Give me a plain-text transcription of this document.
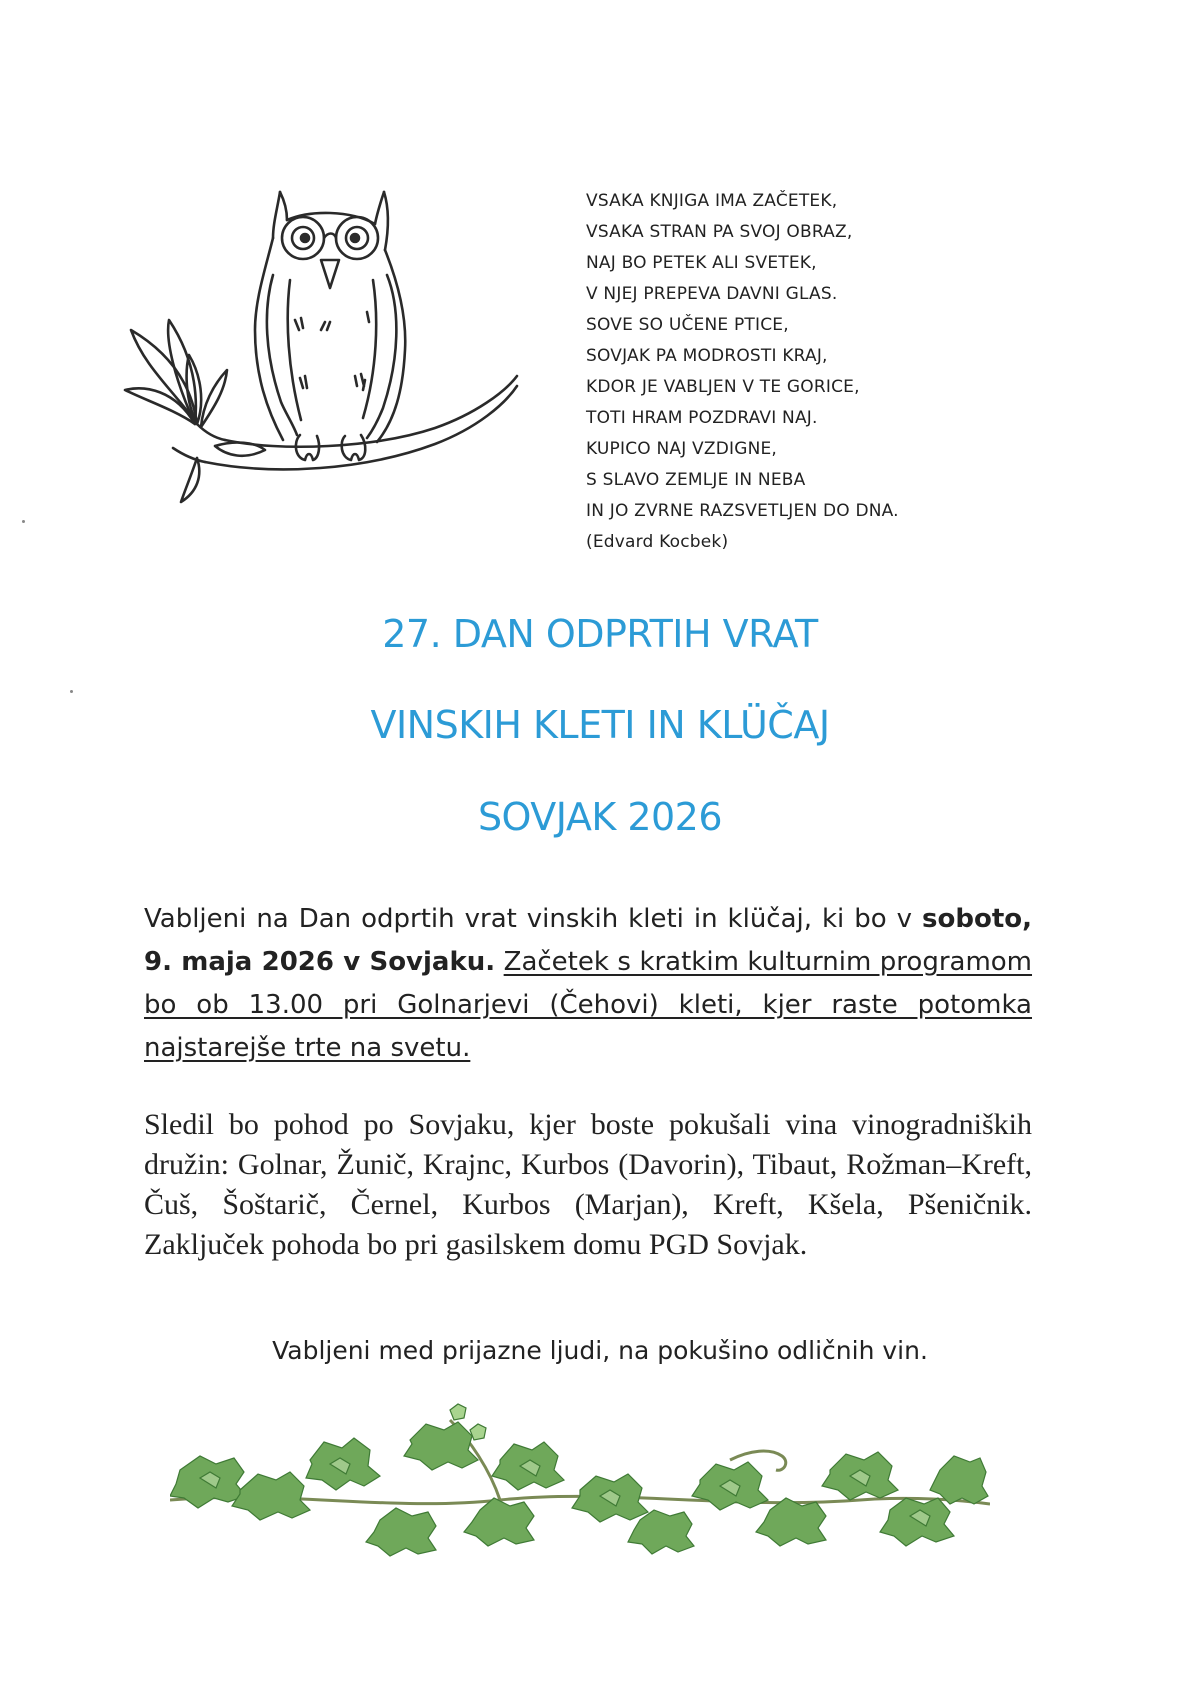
VSAKA KNJIGA IMA ZAČETEK,
VSAKA STRAN PA SVOJ OBRAZ,
NAJ BO PETEK ALI SVETEK,
V NJEJ PREPEVA DAVNI GLAS.
SOVE SO UČENE PTICE,
SOVJAK PA MODROSTI KRAJ,
KDOR JE VABLJEN V TE GORICE,
TOTI HRAM POZDRAVI NAJ.
KUPICO NAJ VZDIGNE,
S SLAVO ZEMLJE IN NEBA
IN JO ZVRNE RAZSVETLJEN DO DNA.
(Edvard Kocbek)
27. DAN ODPRTIH VRAT
VINSKIH KLETI IN KLÜČAJ
SOVJAK 2026
Vabljeni na Dan odprtih vrat vinskih kleti in klüčaj, ki bo v soboto, 9. maja 2026 v Sovjaku. Začetek s kratkim kulturnim programom bo ob 13.00 pri Golnarjevi (Čehovi) kleti, kjer raste potomka najstarejše trte na svetu.
Sledil bo pohod po Sovjaku, kjer boste pokušali vina vinogradniških družin: Golnar, Žunič, Krajnc, Kurbos (Davorin), Tibaut, Rožman–Kreft, Čuš, Šoštarič, Černel, Kurbos (Marjan), Kreft, Kšela, Pšeničnik. Zaključek pohoda bo pri gasilskem domu PGD Sovjak.
Vabljeni med prijazne ljudi, na pokušino odličnih vin.
